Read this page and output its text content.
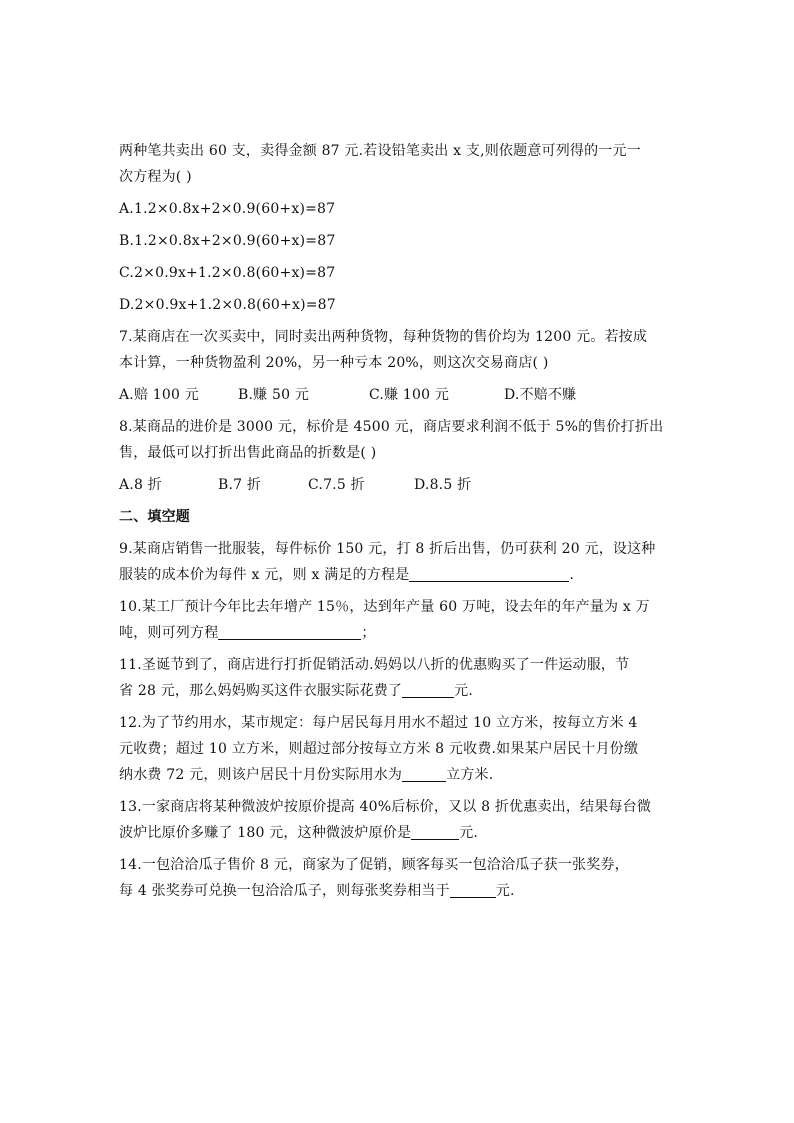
两种笔共卖出 60 支，卖得金额 87 元.若设铅笔卖出 x 支,则依题意可列得的一元一
次方程为( )
A.1.2×0.8x+2×0.9(60+x)=87
B.1.2×0.8x+2×0.9(60+x)=87
C.2×0.9x+1.2×0.8(60+x)=87
D.2×0.9x+1.2×0.8(60+x)=87
7.某商店在一次买卖中，同时卖出两种货物，每种货物的售价均为 1200 元。若按成
本计算，一种货物盈利 20%，另一种亏本 20%，则这次交易商店( )
A.赔 100 元	B.赚 50 元	C.赚 100 元	D.不赔不赚
8.某商品的进价是 3000 元，标价是 4500 元，商店要求利润不低于 5%的售价打折出
售，最低可以打折出售此商品的折数是( )
A.8 折	B.7 折	C.7.5 折	D.8.5 折
二、填空题
9.某商店销售一批服装，每件标价 150 元，打 8 折后出售，仍可获利 20 元，设这种
服装的成本价为每件 x 元，则 x 满足的方程是	.
10.某工厂预计今年比去年增产 15％，达到年产量 60 万吨，设去年的年产量为 x 万
吨，则可列方程	；
11.圣诞节到了，商店进行打折促销活动.妈妈以八折的优惠购买了一件运动服，节
省 28 元，那么妈妈购买这件衣服实际花费了	元.
12.为了节约用水，某市规定：每户居民每月用水不超过 10 立方米，按每立方米 4
元收费；超过 10 立方米，则超过部分按每立方米 8 元收费.如果某户居民十月份缴
纳水费 72 元，则该户居民十月份实际用水为	立方米.
13.一家商店将某种微波炉按原价提高 40%后标价，又以 8 折优惠卖出，结果每台微
波炉比原价多赚了 180 元，这种微波炉原价是	元.
14.一包洽洽瓜子售价 8 元，商家为了促销，顾客每买一包洽洽瓜子获一张奖券，
每 4 张奖券可兑换一包洽洽瓜子，则每张奖券相当于	元.
